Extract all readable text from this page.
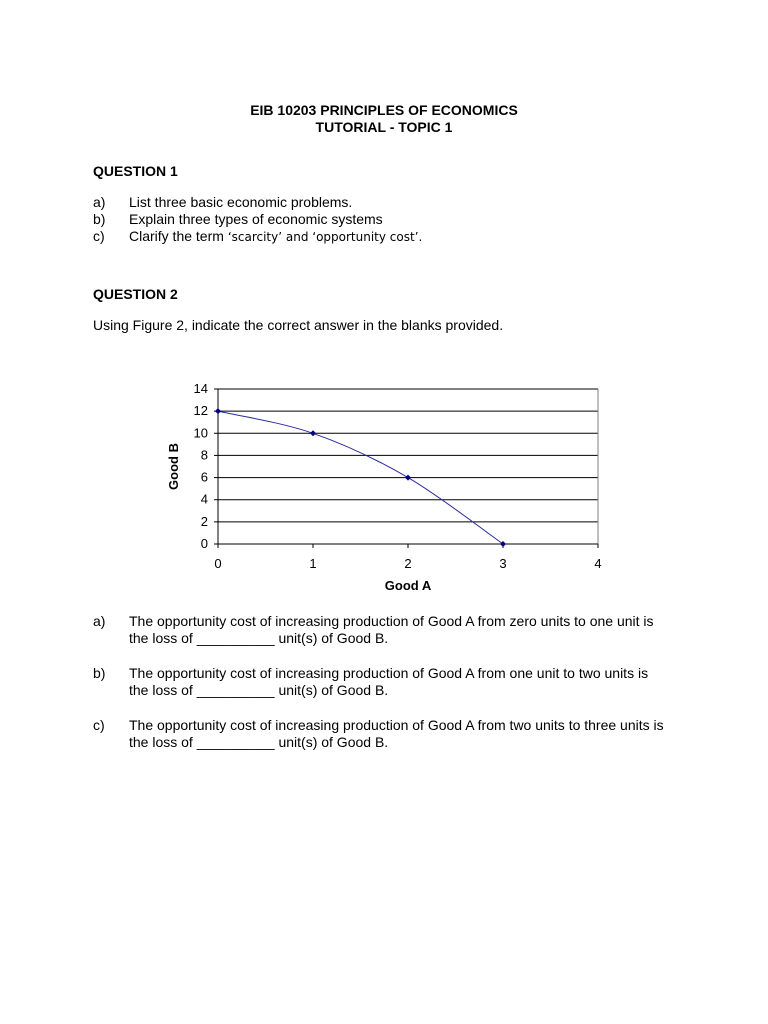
EIB 10203 PRINCIPLES OF ECONOMICS
TUTORIAL - TOPIC 1
QUESTION 1
a)	List three basic economic problems.
b)	Explain three types of economic systems
c)	Clarify the term ‘scarcity’ and ‘opportunity cost’.
QUESTION 2
Using Figure 2, indicate the correct answer in the blanks provided.
0
2
4
6
8
10
12
14
0	1	2	3	4
Good B
Good A
a)	The opportunity cost of increasing production of Good A from zero units to one unit is
the loss of __________ unit(s) of Good B.
b)	The opportunity cost of increasing production of Good A from one unit to two units is
the loss of __________ unit(s) of Good B.
c)	The opportunity cost of increasing production of Good A from two units to three units is
the loss of __________ unit(s) of Good B.
